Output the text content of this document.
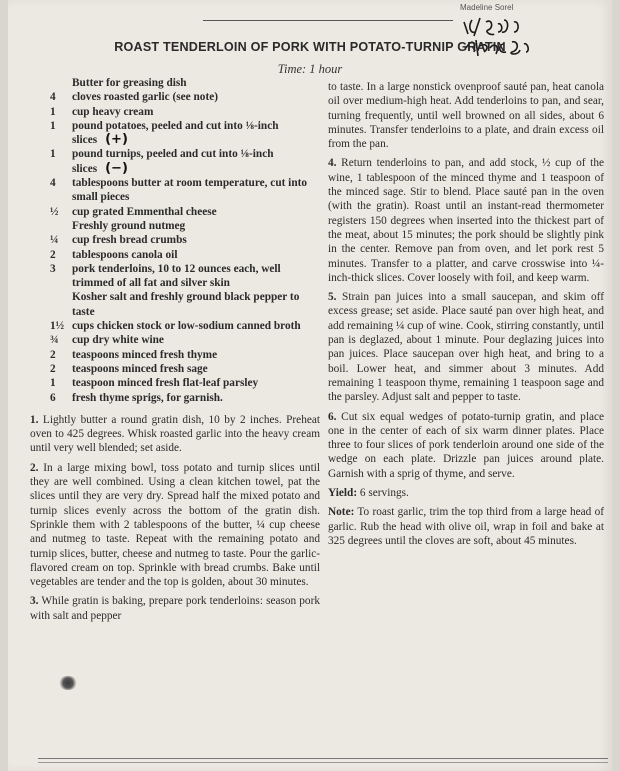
Madeline Sorel
ROAST TENDERLOIN OF PORK WITH POTATO-TURNIP GRATIN
Time: 1 hour
Butter for greasing dish
4	cloves roasted garlic (see note)
1	cup heavy cream
1	pound potatoes, peeled and cut into ⅛-inch slices (+)
1	pound turnips, peeled and cut into ⅛-inch slices (−)
4	tablespoons butter at room temperature, cut into small pieces
½	cup grated Emmenthal cheese
Freshly ground nutmeg
¼	cup fresh bread crumbs
2	tablespoons canola oil
3	pork tenderloins, 10 to 12 ounces each, well trimmed of all fat and silver skin
Kosher salt and freshly ground black pepper to taste
1½ cups chicken stock or low-sodium canned broth
¾	cup dry white wine
2	teaspoons minced fresh thyme
2	teaspoons minced fresh sage
1	teaspoon minced fresh flat-leaf parsley
6	fresh thyme sprigs, for garnish.

1. Lightly butter a round gratin dish, 10 by 2 inches. Preheat oven to 425 degrees. Whisk roasted garlic into the heavy cream until very well blended; set aside.

2. In a large mixing bowl, toss potato and turnip slices until they are well combined. Using a clean kitchen towel, pat the slices until they are very dry. Spread half the mixed potato and turnip slices evenly across the bottom of the gratin dish. Sprinkle them with 2 tablespoons of the butter, ¼ cup cheese and nutmeg to taste. Repeat with the remaining potato and turnip slices, butter, cheese and nutmeg to taste. Pour the garlic-flavored cream on top. Sprinkle with bread crumbs. Bake until vegetables are tender and the top is golden, about 30 minutes.

3. While gratin is baking, prepare pork tenderloins: season pork with salt and pepper

to taste. In a large nonstick ovenproof sauté pan, heat canola oil over medium-high heat. Add tenderloins to pan, and sear, turning frequently, until well browned on all sides, about 6 minutes. Transfer tenderloins to a plate, and drain excess oil from the pan.

4. Return tenderloins to pan, and add stock, ½ cup of the wine, 1 tablespoon of the minced thyme and 1 teaspoon of the minced sage. Stir to blend. Place sauté pan in the oven (with the gratin). Roast until an instant-read thermometer registers 150 degrees when inserted into the thickest part of the meat, about 15 minutes; the pork should be slightly pink in the center. Remove pan from oven, and let pork rest 5 minutes. Transfer to a platter, and carve crosswise into ¼-inch-thick slices. Cover loosely with foil, and keep warm.

5. Strain pan juices into a small saucepan, and skim off excess grease; set aside. Place sauté pan over high heat, and add remaining ¼ cup of wine. Cook, stirring constantly, until pan is deglazed, about 1 minute. Pour deglazing juices into pan juices. Place saucepan over high heat, and bring to a boil. Lower heat, and simmer about 3 minutes. Add remaining 1 teaspoon thyme, remaining 1 teaspoon sage and the parsley. Adjust salt and pepper to taste.

6. Cut six equal wedges of potato-turnip gratin, and place one in the center of each of six warm dinner plates. Place three to four slices of pork tenderloin around one side of the wedge on each plate. Drizzle pan juices around plate. Garnish with a sprig of thyme, and serve.

Yield: 6 servings.

Note: To roast garlic, trim the top third from a large head of garlic. Rub the head with olive oil, wrap in foil and bake at 325 degrees until the cloves are soft, about 45 minutes.
